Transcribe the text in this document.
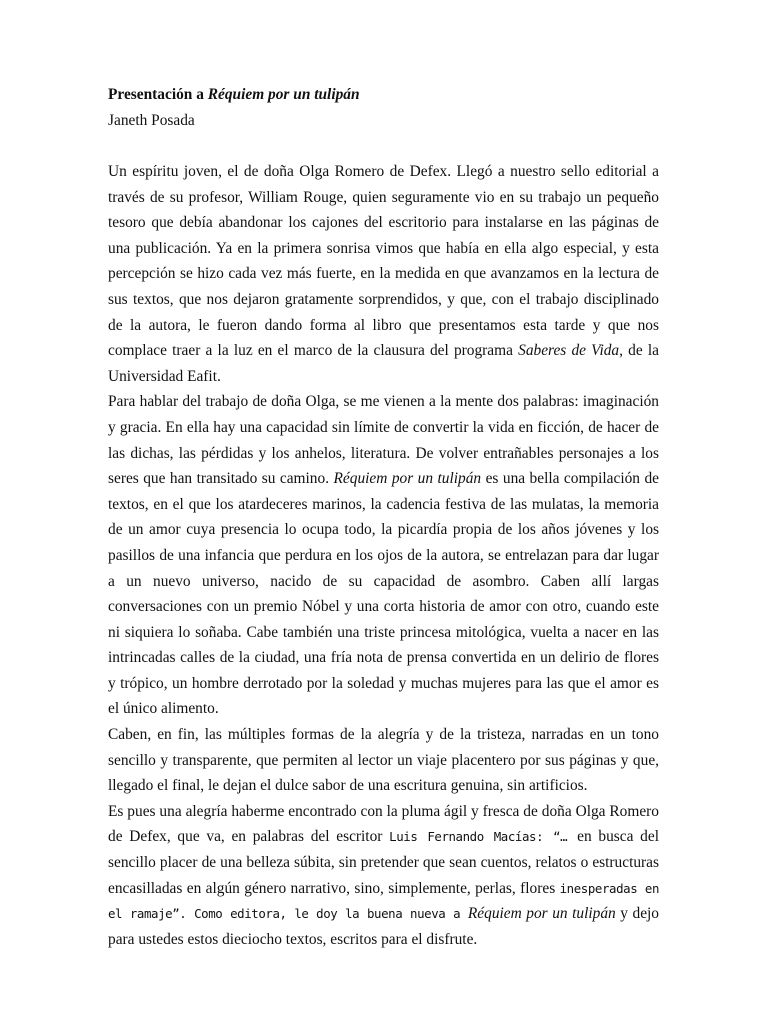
Presentación a Réquiem por un tulipán

Janeth Posada

Un espíritu joven, el de doña Olga Romero de Defex. Llegó a nuestro sello editorial a través de su profesor, William Rouge, quien seguramente vio en su trabajo un pequeño tesoro que debía abandonar los cajones del escritorio para instalarse en las páginas de una publicación. Ya en la primera sonrisa vimos que había en ella algo especial, y esta percepción se hizo cada vez más fuerte, en la medida en que avanzamos en la lectura de sus textos, que nos dejaron gratamente sorprendidos, y que, con el trabajo disciplinado de la autora, le fueron dando forma al libro que presentamos esta tarde y que nos complace traer a la luz en el marco de la clausura del programa Saberes de Vida, de la Universidad Eafit.

Para hablar del trabajo de doña Olga, se me vienen a la mente dos palabras: imaginación y gracia. En ella hay una capacidad sin límite de convertir la vida en ficción, de hacer de las dichas, las pérdidas y los anhelos, literatura. De volver entrañables personajes a los seres que han transitado su camino. Réquiem por un tulipán es una bella compilación de textos, en el que los atardeceres marinos, la cadencia festiva de las mulatas, la memoria de un amor cuya presencia lo ocupa todo, la picardía propia de los años jóvenes y los pasillos de una infancia que perdura en los ojos de la autora, se entrelazan para dar lugar a un nuevo universo, nacido de su capacidad de asombro. Caben allí largas conversaciones con un premio Nóbel y una corta historia de amor con otro, cuando este ni siquiera lo soñaba. Cabe también una triste princesa mitológica, vuelta a nacer en las intrincadas calles de la ciudad, una fría nota de prensa convertida en un delirio de flores y trópico, un hombre derrotado por la soledad y muchas mujeres para las que el amor es el único alimento.

Caben, en fin, las múltiples formas de la alegría y de la tristeza, narradas en un tono sencillo y transparente, que permiten al lector un viaje placentero por sus páginas y que, llegado el final, le dejan el dulce sabor de una escritura genuina, sin artificios.

Es pues una alegría haberme encontrado con la pluma ágil y fresca de doña Olga Romero de Defex, que va, en palabras del escritor Luis Fernando Macías: “… en busca del sencillo placer de una belleza súbita, sin pretender que sean cuentos, relatos o estructuras encasilladas en algún género narrativo, sino, simplemente, perlas, flores inesperadas en el ramaje”. Como editora, le doy la buena nueva a Réquiem por un tulipán y dejo para ustedes estos dieciocho textos, escritos para el disfrute.
